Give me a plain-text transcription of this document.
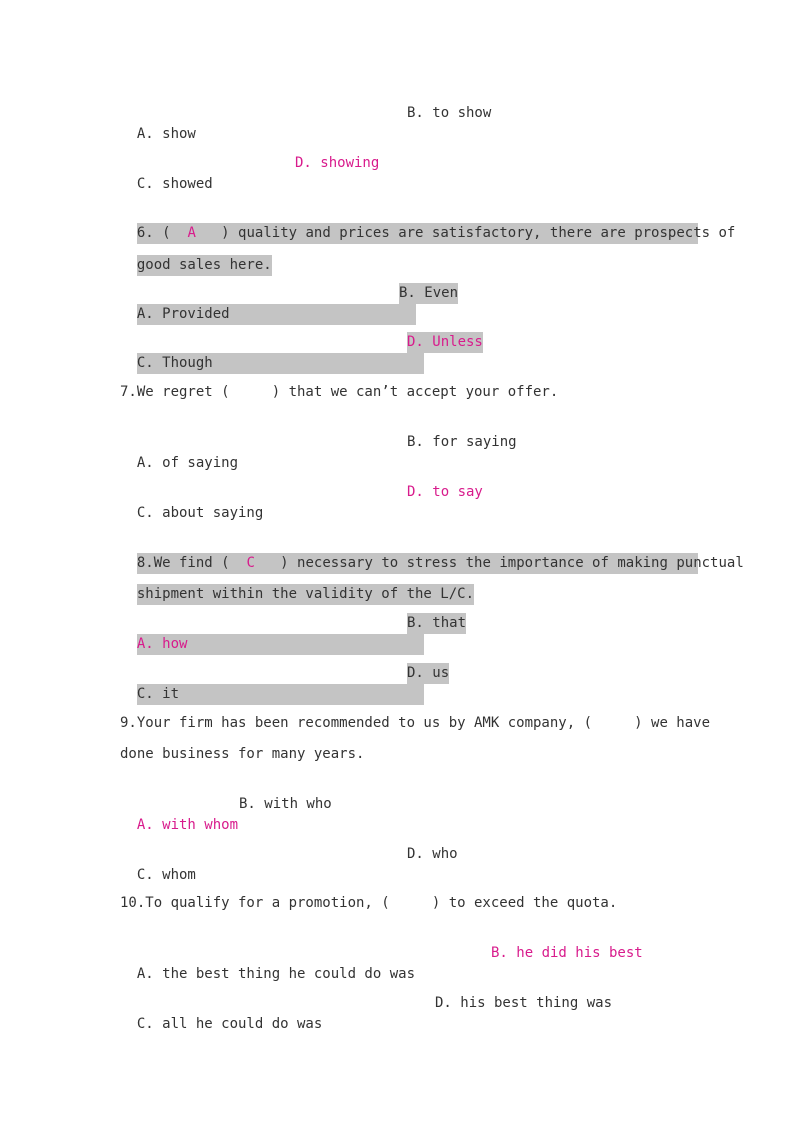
A. show

B. to show

C. showed

D. showing

6. ( A ) quality and prices are satisfactory, there are prospects of

good sales here.

A. Provided

B. Even

C. Though

D. Unless

7.We regret (     ) that we can’t accept your offer.

A. of saying

B. for saying

C. about saying

D. to say

8.We find ( C ) necessary to stress the importance of making punctual

shipment within the validity of the L/C.

A. how

B. that

C. it

D. us

9.Your firm has been recommended to us by AMK company, (     ) we have
done business for many years.

A. with whom

B. with who

C. whom

D. who

10.To qualify for a promotion, (     ) to exceed the quota.

A. the best thing he could do was

B. he did his best

C. all he could do was

D. his best thing was
